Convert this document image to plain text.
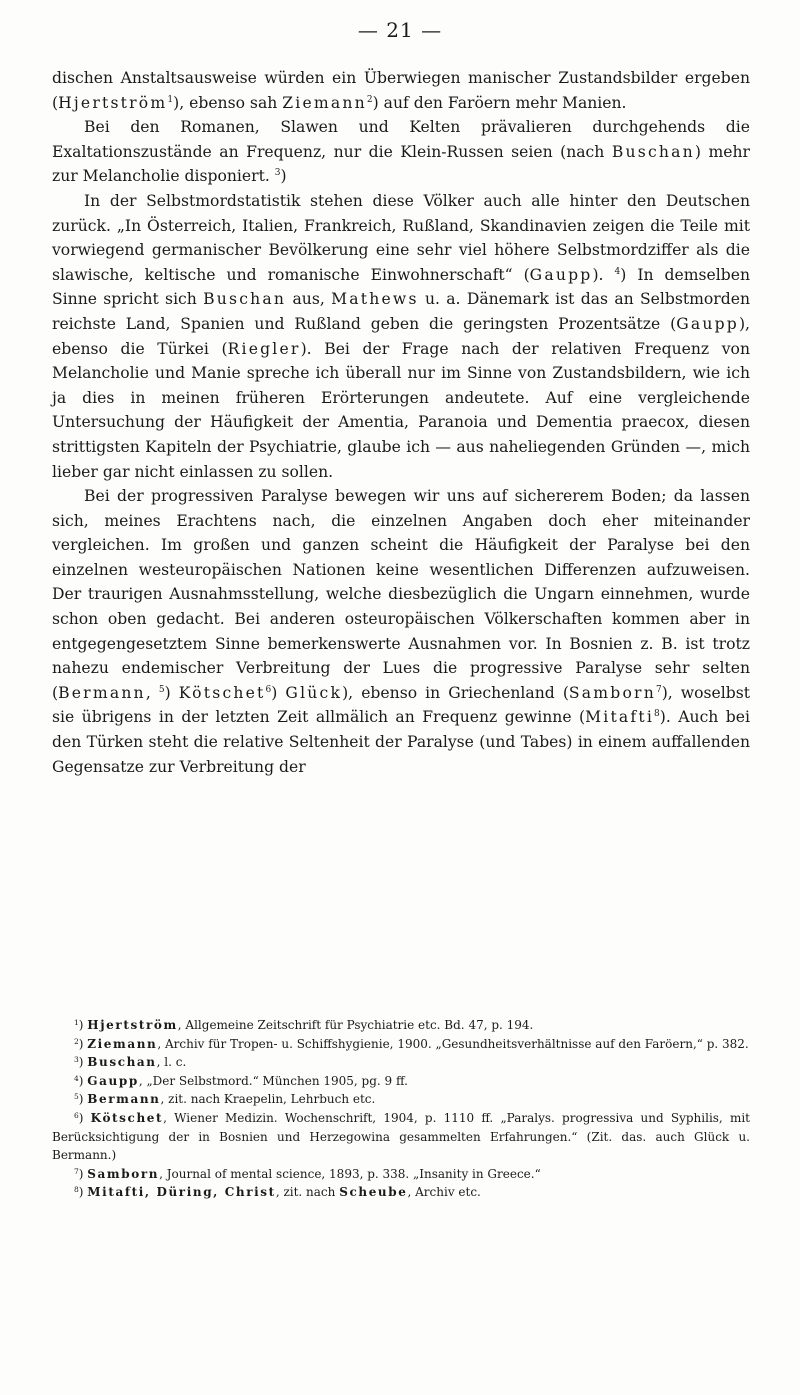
— 21 —

dischen Anstaltsausweise würden ein Überwiegen manischer Zustandsbilder ergeben (Hjertström$^1$), ebenso sah Ziemann$^2$) auf den Faröern mehr Manien.

Bei den Romanen, Slawen und Kelten prävalieren durchgehends die Exaltationszustände an Frequenz, nur die Klein-Russen seien (nach Buschan) mehr zur Melancholie disponiert. $^3$)

In der Selbstmordstatistik stehen diese Völker auch alle hinter den Deutschen zurück. „In Österreich, Italien, Frankreich, Rußland, Skandinavien zeigen die Teile mit vorwiegend germanischer Bevölkerung eine sehr viel höhere Selbstmordziffer als die slawische, keltische und romanische Einwohnerschaft“ (Gaupp). $^4$) In demselben Sinne spricht sich Buschan aus, Mathews u. a. Dänemark ist das an Selbstmorden reichste Land, Spanien und Rußland geben die geringsten Prozentsätze (Gaupp), ebenso die Türkei (Riegler). Bei der Frage nach der relativen Frequenz von Melancholie und Manie spreche ich überall nur im Sinne von Zustandsbildern, wie ich ja dies in meinen früheren Erörterungen andeutete. Auf eine vergleichende Untersuchung der Häufigkeit der Amentia, Paranoia und Dementia praecox, diesen strittigsten Kapiteln der Psychiatrie, glaube ich — aus naheliegenden Gründen —, mich lieber gar nicht einlassen zu sollen.

Bei der progressiven Paralyse bewegen wir uns auf sichererem Boden; da lassen sich, meines Erachtens nach, die einzelnen Angaben doch eher miteinander vergleichen. Im großen und ganzen scheint die Häufigkeit der Paralyse bei den einzelnen westeuropäischen Nationen keine wesentlichen Differenzen aufzuweisen. Der traurigen Ausnahmsstellung, welche diesbezüglich die Ungarn einnehmen, wurde schon oben gedacht. Bei anderen osteuropäischen Völkerschaften kommen aber in entgegengesetztem Sinne bemerkenswerte Ausnahmen vor. In Bosnien z. B. ist trotz nahezu endemischer Verbreitung der Lues die progressive Paralyse sehr selten (Bermann, $^5$) Kötschet$^6$) Glück), ebenso in Griechenland (Samborn$^7$), woselbst sie übrigens in der letzten Zeit allmälich an Frequenz gewinne (Mitafti$^8$). Auch bei den Türken steht die relative Seltenheit der Paralyse (und Tabes) in einem auffallenden Gegensatze zur Verbreitung der

$^1$) Hjertström, Allgemeine Zeitschrift für Psychiatrie etc. Bd. 47, p. 194.

$^2$) Ziemann, Archiv für Tropen- u. Schiffshygienie, 1900. „Gesundheitsverhältnisse auf den Faröern,“ p. 382.

$^3$) Buschan, l. c.

$^4$) Gaupp, „Der Selbstmord.“ München 1905, pg. 9 ff.

$^5$) Bermann, zit. nach Kraepelin, Lehrbuch etc.

$^6$) Kötschet, Wiener Medizin. Wochenschrift, 1904, p. 1110 ff. „Paralys. progressiva und Syphilis, mit Berücksichtigung der in Bosnien und Herzegowina gesammelten Erfahrungen.“ (Zit. das. auch Glück u. Bermann.)

$^7$) Samborn, Journal of mental science, 1893, p. 338. „Insanity in Greece.“

$^8$) Mitafti, Düring, Christ, zit. nach Scheube, Archiv etc.
